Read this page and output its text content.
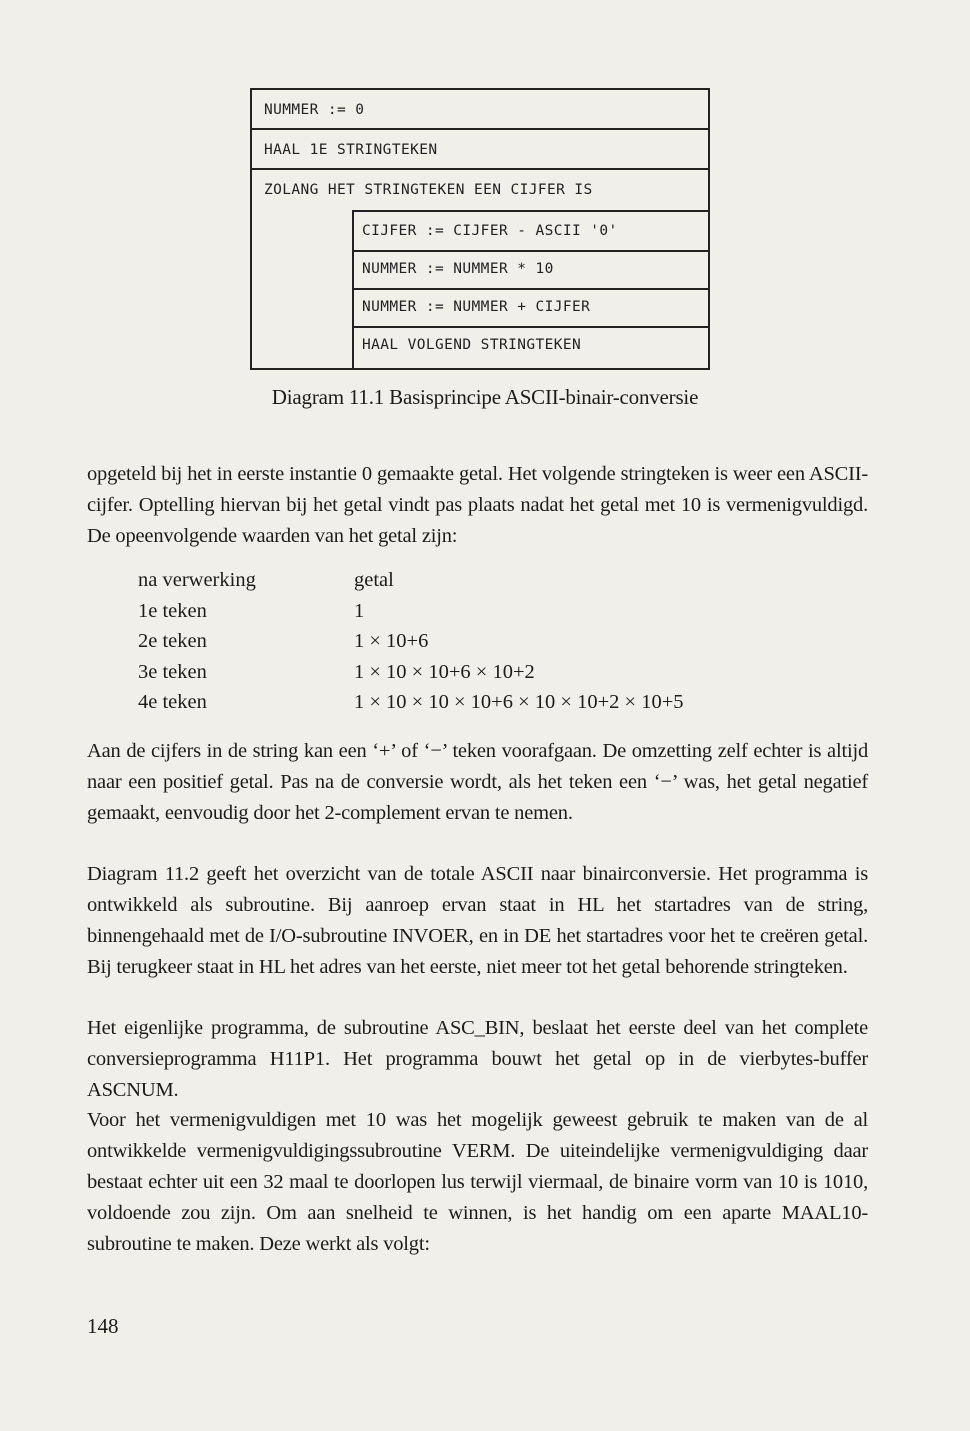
NUMMER := 0
HAAL 1E STRINGTEKEN
ZOLANG HET STRINGTEKEN EEN CIJFER IS
CIJFER := CIJFER - ASCII '0'
NUMMER := NUMMER * 10
NUMMER := NUMMER + CIJFER
HAAL VOLGEND STRINGTEKEN
Diagram 11.1 Basisprincipe ASCII-binair-conversie
opgeteld bij het in eerste instantie 0 gemaakte getal. Het volgende stringteken is weer een ASCII-cijfer. Optelling hiervan bij het getal vindt pas plaats nadat het getal met 10 is vermenigvuldigd. De opeenvolgende waarden van het getal zijn:
na verwerking	getal
1e teken	1
2e teken	1 × 10+6
3e teken	1 × 10 × 10+6 × 10+2
4e teken	1 × 10 × 10 × 10+6 × 10 × 10+2 × 10+5
Aan de cijfers in de string kan een ‘+’ of ‘−’ teken voorafgaan. De omzetting zelf echter is altijd naar een positief getal. Pas na de conversie wordt, als het teken een ‘−’ was, het getal negatief gemaakt, eenvoudig door het 2-complement ervan te nemen.
Diagram 11.2 geeft het overzicht van de totale ASCII naar binairconversie. Het programma is ontwikkeld als subroutine. Bij aanroep ervan staat in HL het startadres van de string, binnengehaald met de I/O-subroutine INVOER, en in DE het startadres voor het te creëren getal. Bij terugkeer staat in HL het adres van het eerste, niet meer tot het getal behorende stringteken.
Het eigenlijke programma, de subroutine ASC_BIN, beslaat het eerste deel van het complete conversieprogramma H11P1. Het programma bouwt het getal op in de vierbytes-buffer ASCNUM.
Voor het vermenigvuldigen met 10 was het mogelijk geweest gebruik te maken van de al ontwikkelde vermenigvuldigingssubroutine VERM. De uiteindelijke vermenigvuldiging daar bestaat echter uit een 32 maal te doorlopen lus terwijl viermaal, de binaire vorm van 10 is 1010, voldoende zou zijn. Om aan snelheid te winnen, is het handig om een aparte MAAL10-subroutine te maken. Deze werkt als volgt:
148
